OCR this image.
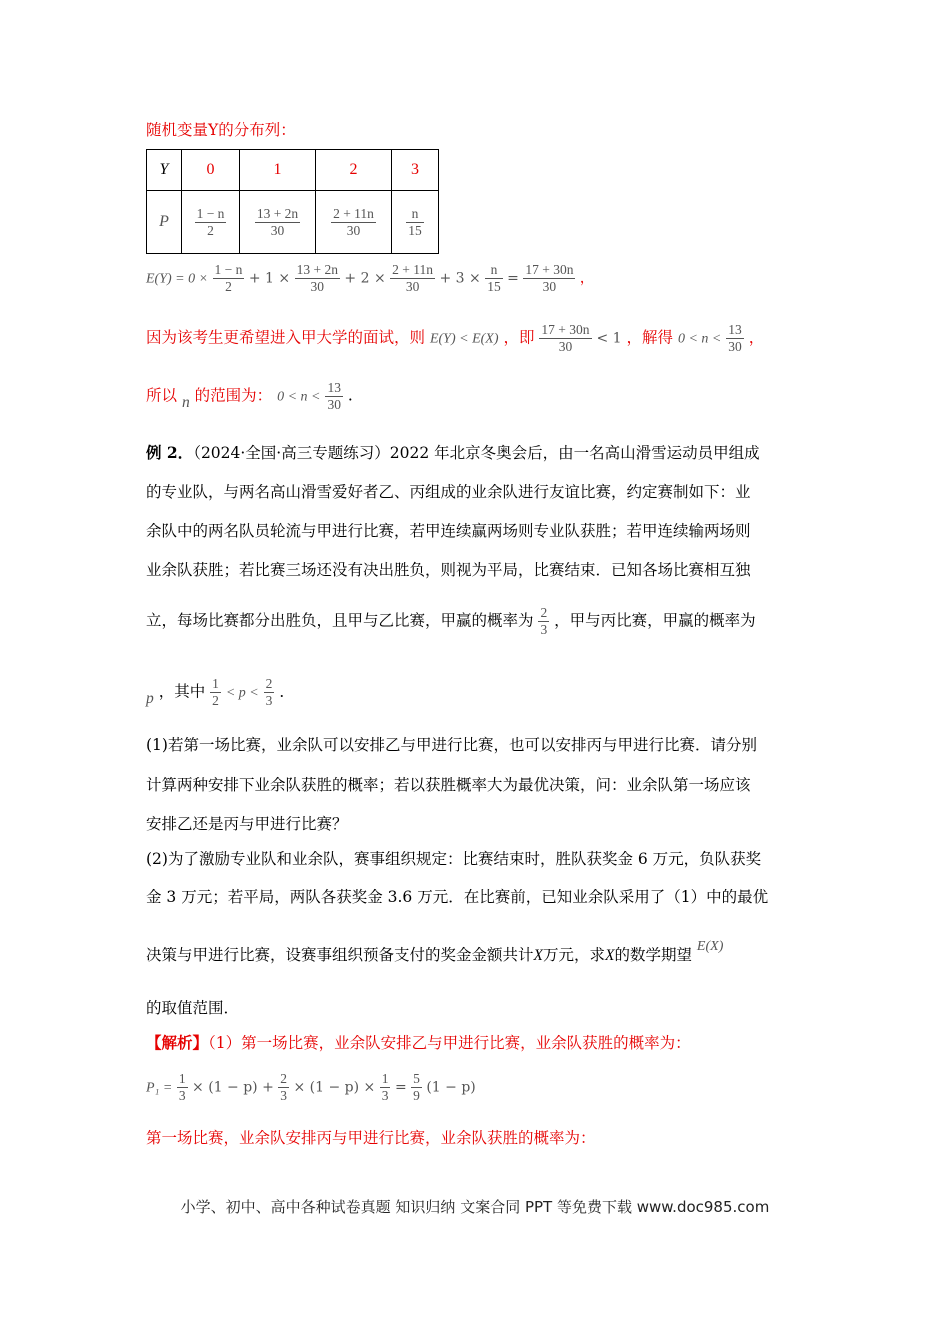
随机变量Y的分布列：
Y	0	1	2	3
P	$\frac{1 - n}{2}$	$\frac{13 + 2n}{30}$	$\frac{2 + 11n}{30}$	$\frac{n}{15}$
$E(Y) = 0 \times \frac{1 - n}{2} + 1 \times \frac{13 + 2n}{30} + 2 \times \frac{2 + 11n}{30} + 3 \times \frac{n}{15} = \frac{17 + 30n}{30}$ ，
因为该考生更希望进入甲大学的面试，则 E(Y) < E(X) ，即 $\frac{17 + 30n}{30} < 1$ ，解得 $0 < n < \frac{13}{30}$ ，
所以 n 的范围为： $0 < n < \frac{13}{30}$ .
例 2．（2024·全国·高三专题练习）2022 年北京冬奥会后，由一名高山滑雪运动员甲组成
的专业队，与两名高山滑雪爱好者乙、丙组成的业余队进行友谊比赛，约定赛制如下：业
余队中的两名队员轮流与甲进行比赛，若甲连续赢两场则专业队获胜；若甲连续输两场则
业余队获胜；若比赛三场还没有决出胜负，则视为平局，比赛结束．已知各场比赛相互独
立，每场比赛都分出胜负，且甲与乙比赛，甲赢的概率为 $\frac{2}{3}$ ，甲与丙比赛，甲赢的概率为
p ，其中 $\frac{1}{2} < p < \frac{2}{3}$ ．
(1)若第一场比赛，业余队可以安排乙与甲进行比赛，也可以安排丙与甲进行比赛．请分别
计算两种安排下业余队获胜的概率；若以获胜概率大为最优决策，问：业余队第一场应该
安排乙还是丙与甲进行比赛？
(2)为了激励专业队和业余队，赛事组织规定：比赛结束时，胜队获奖金 6 万元，负队获奖
金 3 万元；若平局，两队各获奖金 3.6 万元．在比赛前，已知业余队采用了（1）中的最优
决策与甲进行比赛，设赛事组织预备支付的奖金金额共计X万元，求X的数学期望 E(X)
的取值范围．
【解析】（1）第一场比赛，业余队安排乙与甲进行比赛，业余队获胜的概率为：
$P_1 = \frac{1}{3} \times (1 - p) + \frac{2}{3} \times (1 - p) \times \frac{1}{3} = \frac{5}{9} (1 - p)$
第一场比赛，业余队安排丙与甲进行比赛，业余队获胜的概率为：
小学、初中、高中各种试卷真题 知识归纳 文案合同 PPT 等免费下载 www.doc985.com
